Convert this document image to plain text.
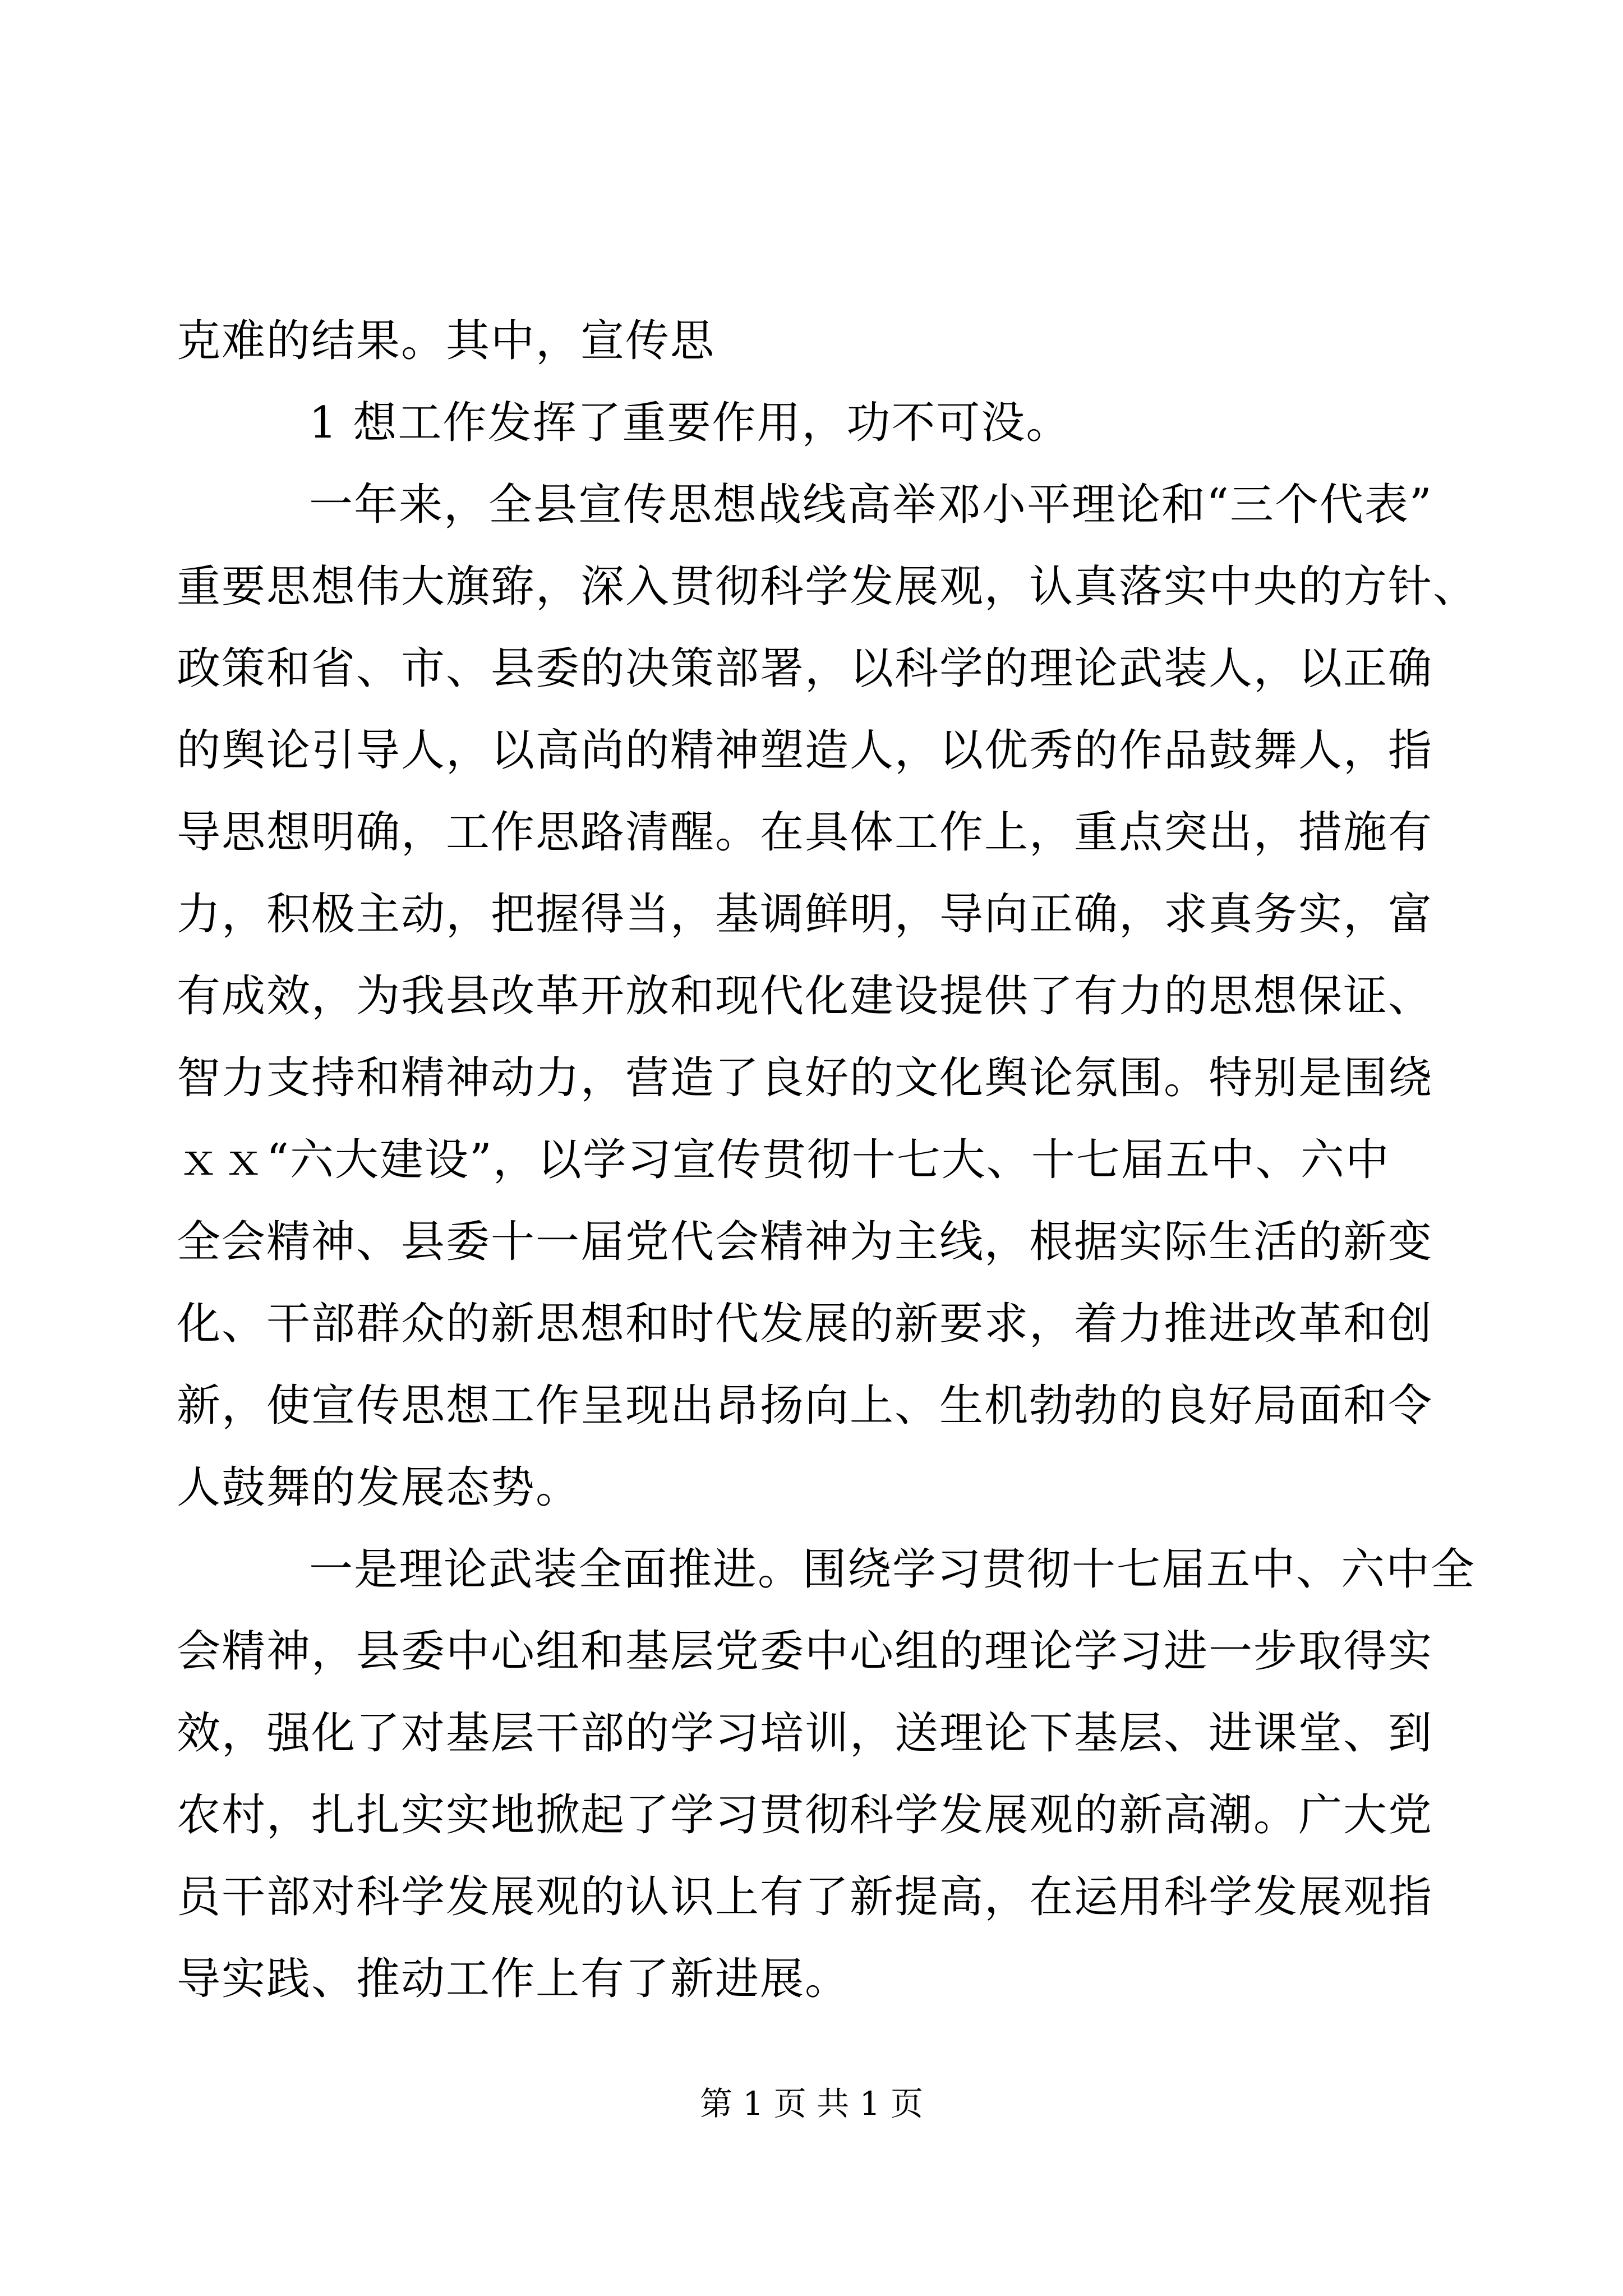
克难的结果。其中，宣传思
1 想工作发挥了重要作用，功不可没。
一年来，全县宣传思想战线高举邓小平理论和“三个代表”
重要思想伟大旗臶，深入贯彻科学发展观，认真落实中央的方针、
政策和省、市、县委的决策部署，以科学的理论武装人，以正确
的舆论引导人，以高尚的精神塑造人，以优秀的作品鼓舞人，指
导思想明确，工作思路清醒。在具体工作上，重点突出，措施有
力，积极主动，把握得当，基调鲜明，导向正确，求真务实，富
有成效，为我县改革开放和现代化建设提供了有力的思想保证、
智力支持和精神动力，营造了良好的文化舆论氛围。特别是围绕
ｘｘ“六大建设”，以学习宣传贯彻十七大、十七届五中、六中
全会精神、县委十一届党代会精神为主线，根据实际生活的新变
化、干部群众的新思想和时代发展的新要求，着力推进改革和创
新，使宣传思想工作呈现出昂扬向上、生机勃勃的良好局面和令
人鼓舞的发展态势。
一是理论武装全面推进。围绕学习贯彻十七届五中、六中全
会精神，县委中心组和基层党委中心组的理论学习进一步取得实
效，强化了对基层干部的学习培训，送理论下基层、进课堂、到
农村，扎扎实实地掀起了学习贯彻科学发展观的新高潮。广大党
员干部对科学发展观的认识上有了新提高，在运用科学发展观指
导实践、推动工作上有了新进展。
第 1 页 共 1 页
